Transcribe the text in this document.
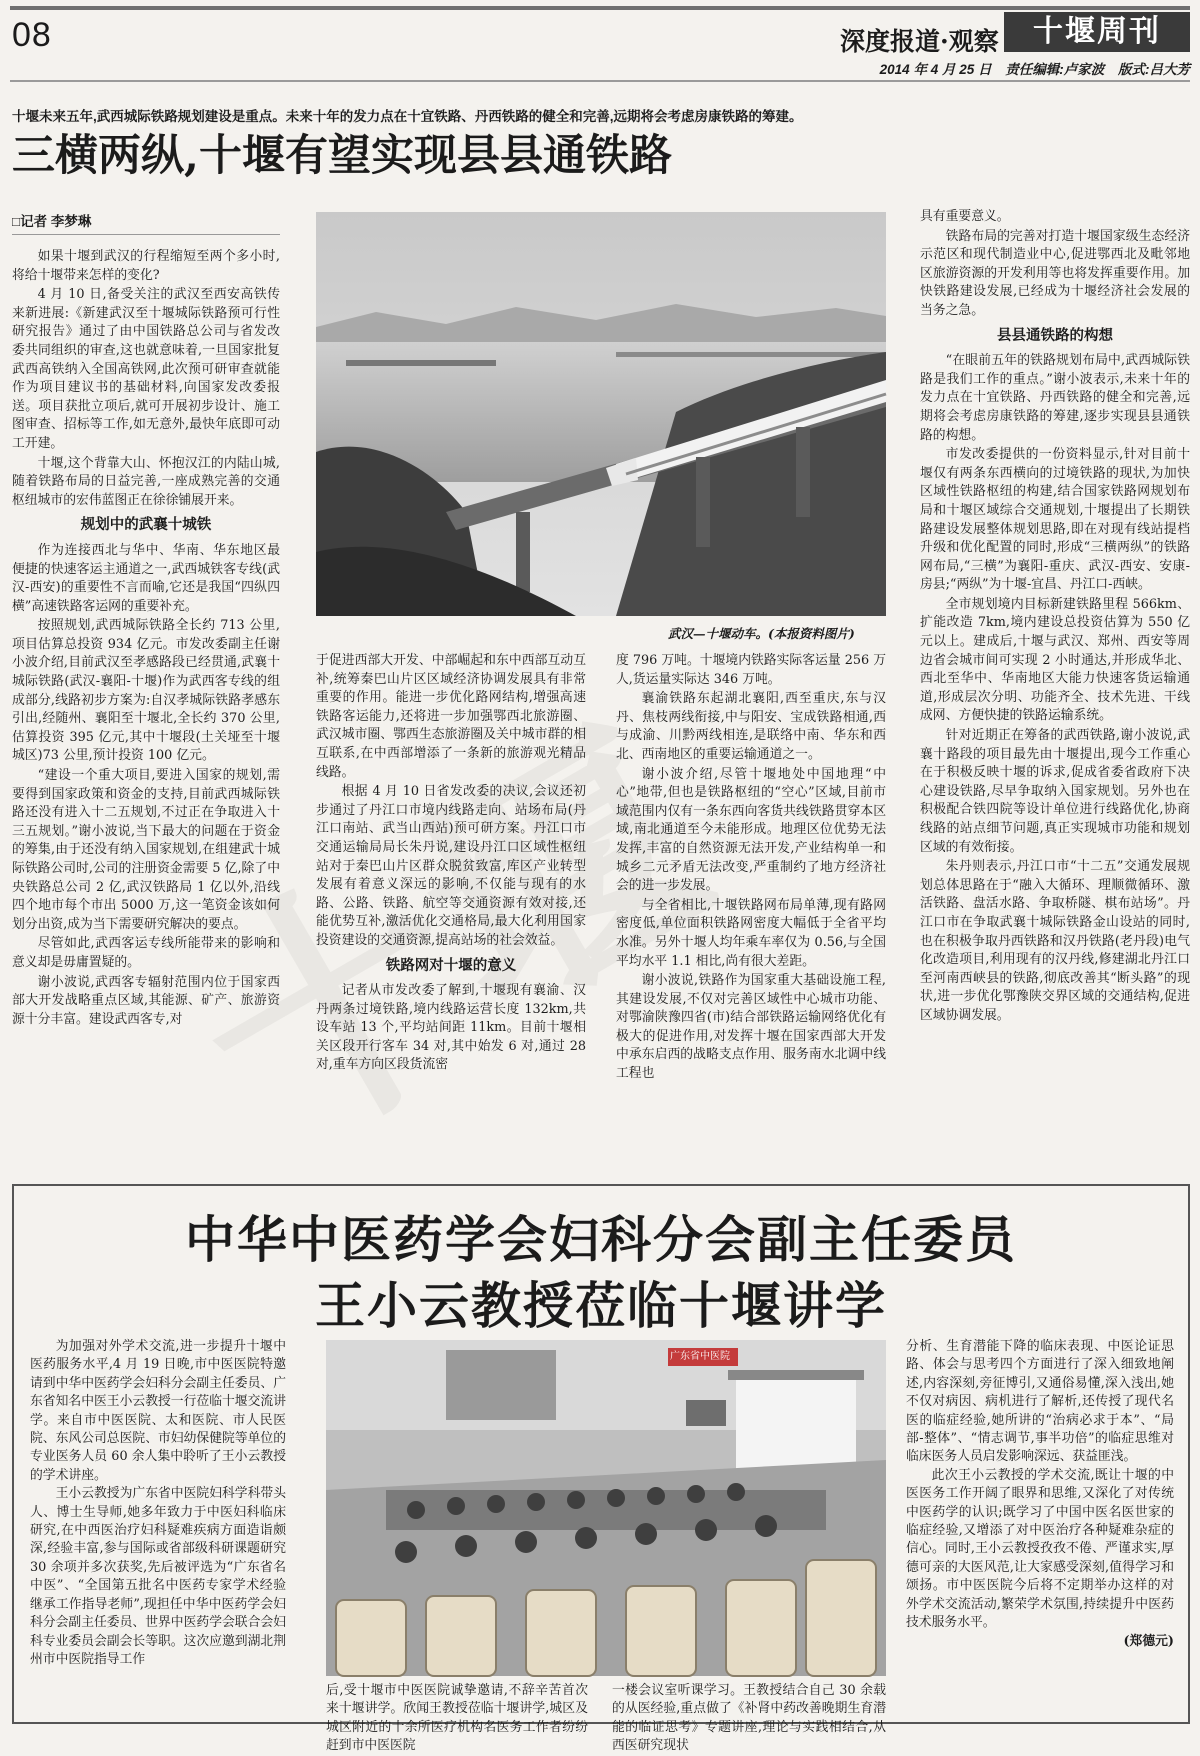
08	深度报道·观察	十堰周刊
2014 年 4 月 25 日 责任编辑:卢家波 版式:吕大芳
十堰未来五年,武西城际铁路规划建设是重点。未来十年的发力点在十宜铁路、丹西铁路的健全和完善,远期将会考虑房康铁路的筹建。
三横两纵,十堰有望实现县县通铁路
□记者 李梦琳

如果十堰到武汉的行程缩短至两个多小时,将给十堰带来怎样的变化?

4 月 10 日,备受关注的武汉至西安高铁传来新进展:《新建武汉至十堰城际铁路预可行性研究报告》通过了由中国铁路总公司与省发改委共同组织的审查,这也就意味着,一旦国家批复武西高铁纳入全国高铁网,此次预可研审查就能作为项目建议书的基础材料,向国家发改委报送。项目获批立项后,就可开展初步设计、施工图审查、招标等工作,如无意外,最快年底即可动工开建。

十堰,这个背靠大山、怀抱汉江的内陆山城,随着铁路布局的日益完善,一座成熟完善的交通枢纽城市的宏伟蓝图正在徐徐铺展开来。

规划中的武襄十城铁

作为连接西北与华中、华南、华东地区最便捷的快速客运主通道之一,武西城铁客专线(武汉-西安)的重要性不言而喻,它还是我国“四纵四横”高速铁路客运网的重要补充。

按照规划,武西城际铁路全长约 713 公里,项目估算总投资 934 亿元。市发改委副主任谢小波介绍,目前武汉至孝感路段已经贯通,武襄十城际铁路(武汉-襄阳-十堰)作为武西客专线的组成部分,线路初步方案为:自汉孝城际铁路孝感东引出,经随州、襄阳至十堰北,全长约 370 公里,估算投资 395 亿元,其中十堰段(土关垭至十堰城区)73 公里,预计投资 100 亿元。

“建设一个重大项目,要进入国家的规划,需要得到国家政策和资金的支持,目前武西城际铁路还没有进入十二五规划,不过正在争取进入十三五规划。”谢小波说,当下最大的问题在于资金的筹集,由于还没有纳入国家规划,在组建武十城际铁路公司时,公司的注册资金需要 5 亿,除了中央铁路总公司 2 亿,武汉铁路局 1 亿以外,沿线四个地市每个市出 5000 万,这一笔资金该如何划分出资,成为当下需要研究解决的要点。

尽管如此,武西客运专线所能带来的影响和意义却是毋庸置疑的。

谢小波说,武西客专辐射范围内位于国家西部大开发战略重点区域,其能源、矿产、旅游资源十分丰富。建设武西客专,对

武汉—十堰动车。(本报资料图片)

于促进西部大开发、中部崛起和东中西部互动互补,统筹秦巴山片区区域经济协调发展具有非常重要的作用。能进一步优化路网结构,增强高速铁路客运能力,还将进一步加强鄂西北旅游圈、武汉城市圈、鄂西生态旅游圈及关中城市群的相互联系,在中西部增添了一条新的旅游观光精品线路。

根据 4 月 10 日省发改委的决议,会议还初步通过了丹江口市境内线路走向、站场布局(丹江口南站、武当山西站)预可研方案。丹江口市交通运输局局长朱丹说,建设丹江口区域性枢纽站对于秦巴山片区群众脱贫致富,库区产业转型发展有着意义深远的影响,不仅能与现有的水路、公路、铁路、航空等交通资源有效对接,还能优势互补,激活优化交通格局,最大化利用国家投资建设的交通资源,提高站场的社会效益。

铁路网对十堰的意义

记者从市发改委了解到,十堰现有襄渝、汉丹两条过境铁路,境内线路运营长度 132km,共设车站 13 个,平均站间距 11km。目前十堰相关区段开行客车 34 对,其中始发 6 对,通过 28 对,重车方向区段货流密

度 796 万吨。十堰境内铁路实际客运量 256 万人,货运量实际达 346 万吨。

襄渝铁路东起湖北襄阳,西至重庆,东与汉丹、焦枝两线衔接,中与阳安、宝成铁路相通,西与成渝、川黔两线相连,是联络中南、华东和西北、西南地区的重要运输通道之一。

谢小波介绍,尽管十堰地处中国地理“中心”地带,但也是铁路枢纽的“空心”区域,目前市域范围内仅有一条东西向客货共线铁路贯穿本区域,南北通道至今未能形成。地理区位优势无法发挥,丰富的自然资源无法开发,产业结构单一和城乡二元矛盾无法改变,严重制约了地方经济社会的进一步发展。

与全省相比,十堰铁路网布局单薄,现有路网密度低,单位面积铁路网密度大幅低于全省平均水准。另外十堰人均年乘车率仅为 0.56,与全国平均水平 1.1 相比,尚有很大差距。

谢小波说,铁路作为国家重大基础设施工程,其建设发展,不仅对完善区域性中心城市功能、对鄂渝陕豫四省(市)结合部铁路运输网络优化有极大的促进作用,对发挥十堰在国家西部大开发中承东启西的战略支点作用、服务南水北调中线工程也

具有重要意义。

铁路布局的完善对打造十堰国家级生态经济示范区和现代制造业中心,促进鄂西北及毗邻地区旅游资源的开发利用等也将发挥重要作用。加快铁路建设发展,已经成为十堰经济社会发展的当务之急。

县县通铁路的构想

“在眼前五年的铁路规划布局中,武西城际铁路是我们工作的重点。”谢小波表示,未来十年的发力点在十宜铁路、丹西铁路的健全和完善,远期将会考虑房康铁路的筹建,逐步实现县县通铁路的构想。

市发改委提供的一份资料显示,针对目前十堰仅有两条东西横向的过境铁路的现状,为加快区域性铁路枢纽的构建,结合国家铁路网规划布局和十堰区域综合交通规划,十堰提出了长期铁路建设发展整体规划思路,即在对现有线站提档升级和优化配置的同时,形成“三横两纵”的铁路网布局,“三横”为襄阳-重庆、武汉-西安、安康-房县;“两纵”为十堰-宜昌、丹江口-西峡。

全市规划境内目标新建铁路里程 566km、扩能改造 7km,境内建设总投资估算为 550 亿元以上。建成后,十堰与武汉、郑州、西安等周边省会城市间可实现 2 小时通达,并形成华北、西北至华中、华南地区大能力快速客货运输通道,形成层次分明、功能齐全、技术先进、干线成网、方便快捷的铁路运输系统。

针对近期正在筹备的武西铁路,谢小波说,武襄十路段的项目最先由十堰提出,现今工作重心在于积极反映十堰的诉求,促成省委省政府下决心建设铁路,尽早争取纳入国家规划。另外也在积极配合铁四院等设计单位进行线路优化,协商线路的站点细节问题,真正实现城市功能和规划区域的有效衔接。

朱丹则表示,丹江口市“十二五”交通发展规划总体思路在于“融入大循环、理顺微循环、激活铁路、盘活水路、争取桥隧、棋布站场”。丹江口市在争取武襄十城际铁路金山设站的同时,也在积极争取丹西铁路和汉丹铁路(老丹段)电气化改造项目,利用现有的汉丹线,修建湖北丹江口至河南西峡县的铁路,彻底改善其“断头路”的现状,进一步优化鄂豫陕交界区域的交通结构,促进区域协调发展。

中华中医药学会妇科分会副主任委员
王小云教授莅临十堰讲学

为加强对外学术交流,进一步提升十堰中医药服务水平,4 月 19 日晚,市中医医院特邀请到中华中医药学会妇科分会副主任委员、广东省知名中医王小云教授一行莅临十堰交流讲学。来自市中医医院、太和医院、市人民医院、东风公司总医院、市妇幼保健院等单位的专业医务人员 60 余人集中聆听了王小云教授的学术讲座。

王小云教授为广东省中医院妇科学科带头人、博士生导师,她多年致力于中医妇科临床研究,在中西医治疗妇科疑难疾病方面造诣颇深,经验丰富,参与国际或省部级科研课题研究 30 余项并多次获奖,先后被评选为“广东省名中医”、“全国第五批名中医药专家学术经验继承工作指导老师”,现担任中华中医药学会妇科分会副主任委员、世界中医药学会联合会妇科专业委员会副会长等职。这次应邀到湖北荆州市中医院指导工作

广东省中医院

后,受十堰市中医医院诚挚邀请,不辞辛苦首次来十堰讲学。欣闻王教授莅临十堰讲学,城区及城区附近的十余所医疗机构名医务工作者纷纷赶到市中医医院

一楼会议室听课学习。王教授结合自己 30 余载的从医经验,重点做了《补肾中药改善晚期生育潜能的临证思考》专题讲座,理论与实践相结合,从西医研究现状

分析、生育潜能下降的临床表现、中医论证思路、体会与思考四个方面进行了深入细致地阐述,内容深刻,旁征博引,又通俗易懂,深入浅出,她不仅对病因、病机进行了解析,还传授了现代名医的临症经验,她所讲的“治病必求于本”、“局部-整体”、“情志调节,事半功倍”的临症思维对临床医务人员启发影响深远、获益匪浅。

此次王小云教授的学术交流,既让十堰的中医医务工作开阔了眼界和思维,又深化了对传统中医药学的认识;既学习了中国中医名医世家的临症经验,又增添了对中医治疗各种疑难杂症的信心。同时,王小云教授孜孜不倦、严谨求实,厚德可亲的大医风范,让大家感受深刻,值得学习和颂扬。市中医医院今后将不定期举办这样的对外学术交流活动,繁荣学术氛围,持续提升中医药技术服务水平。

(郑德元)
